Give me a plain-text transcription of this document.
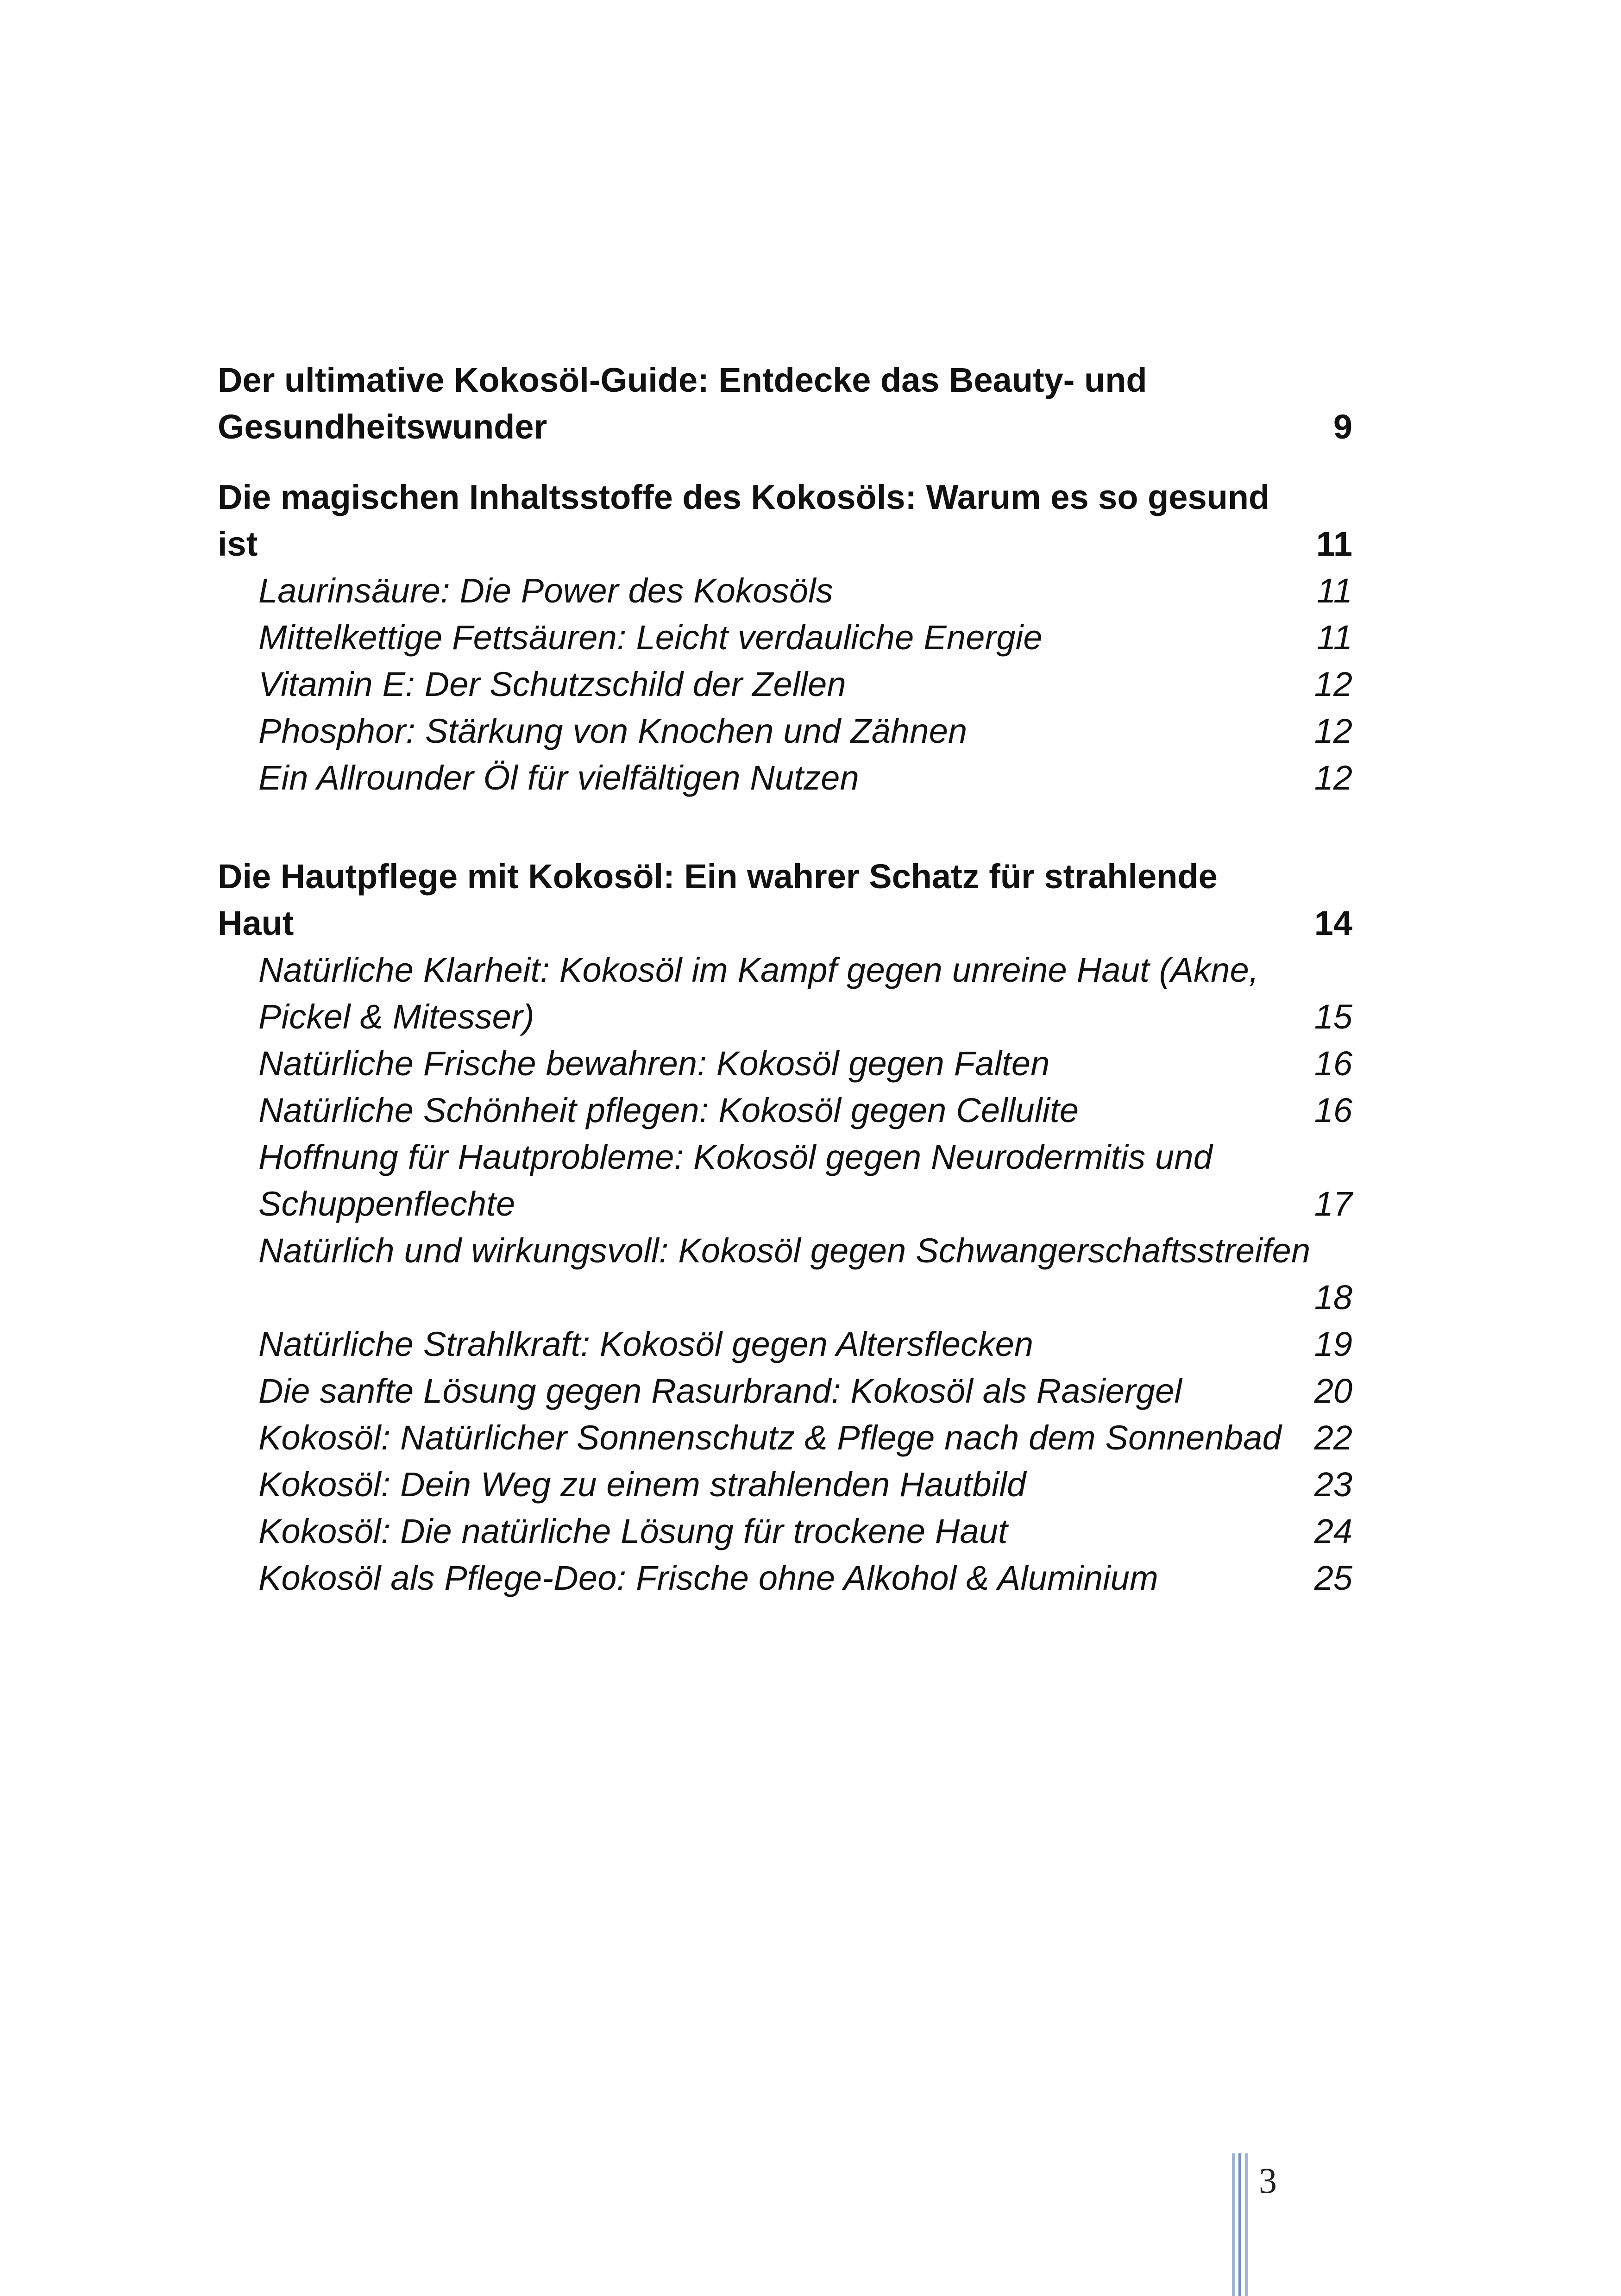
Der ultimative Kokosöl-Guide: Entdecke das Beauty- und
Gesundheitswunder	9
Die magischen Inhaltsstoffe des Kokosöls: Warum es so gesund ist	11
Laurinsäure: Die Power des Kokosöls	11
Mittelkettige Fettsäuren: Leicht verdauliche Energie	11
Vitamin E: Der Schutzschild der Zellen	12
Phosphor: Stärkung von Knochen und Zähnen	12
Ein Allrounder Öl für vielfältigen Nutzen	12
Die Hautpflege mit Kokosöl: Ein wahrer Schatz für strahlende Haut	14
Natürliche Klarheit: Kokosöl im Kampf gegen unreine Haut (Akne,
Pickel & Mitesser)	15
Natürliche Frische bewahren: Kokosöl gegen Falten	16
Natürliche Schönheit pflegen: Kokosöl gegen Cellulite	16
Hoffnung für Hautprobleme: Kokosöl gegen Neurodermitis und
Schuppenflechte	17
Natürlich und wirkungsvoll: Kokosöl gegen Schwangerschaftsstreifen
18
Natürliche Strahlkraft: Kokosöl gegen Altersflecken	19
Die sanfte Lösung gegen Rasurbrand: Kokosöl als Rasiergel	20
Kokosöl: Natürlicher Sonnenschutz & Pflege nach dem Sonnenbad 22
Kokosöl: Dein Weg zu einem strahlenden Hautbild	23
Kokosöl: Die natürliche Lösung für trockene Haut	24
Kokosöl als Pflege-Deo: Frische ohne Alkohol & Aluminium	25
3
